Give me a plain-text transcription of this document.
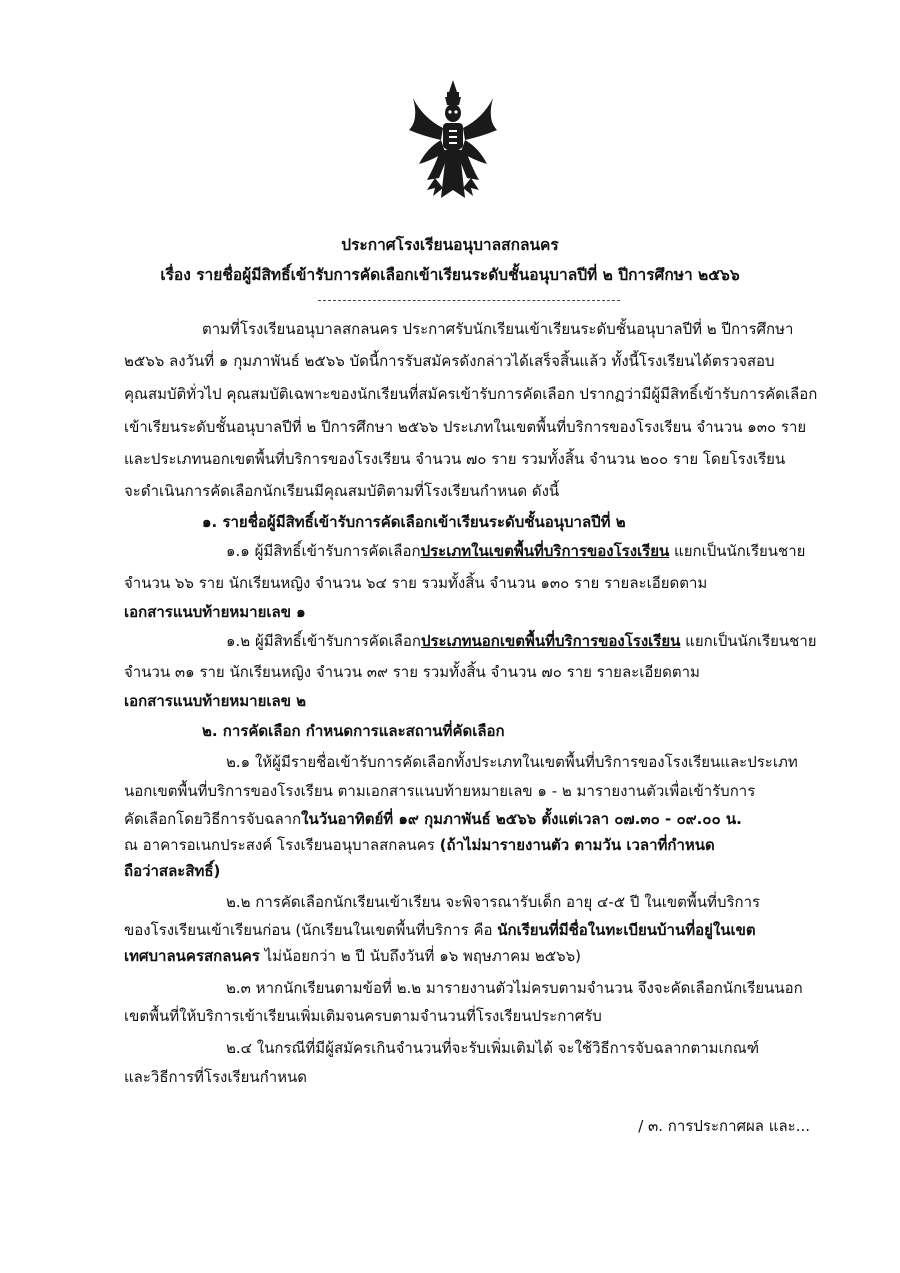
ประกาศโรงเรียนอนุบาลสกลนคร
เรื่อง รายชื่อผู้มีสิทธิ์เข้ารับการคัดเลือกเข้าเรียนระดับชั้นอนุบาลปีที่ ๒ ปีการศึกษา ๒๕๖๖
ตามที่โรงเรียนอนุบาลสกลนคร ประกาศรับนักเรียนเข้าเรียนระดับชั้นอนุบาลปีที่ ๒ ปีการศึกษา
๒๕๖๖ ลงวันที่ ๑ กุมภาพันธ์ ๒๕๖๖ บัดนี้การรับสมัครดังกล่าวได้เสร็จสิ้นแล้ว ทั้งนี้โรงเรียนได้ตรวจสอบ
คุณสมบัติทั่วไป คุณสมบัติเฉพาะของนักเรียนที่สมัครเข้ารับการคัดเลือก ปรากฏว่ามีผู้มีสิทธิ์เข้ารับการคัดเลือก
เข้าเรียนระดับชั้นอนุบาลปีที่ ๒ ปีการศึกษา ๒๕๖๖ ประเภทในเขตพื้นที่บริการของโรงเรียน จำนวน ๑๓๐ ราย
และประเภทนอกเขตพื้นที่บริการของโรงเรียน จำนวน ๗๐ ราย รวมทั้งสิ้น จำนวน ๒๐๐ ราย โดยโรงเรียน
จะดำเนินการคัดเลือกนักเรียนมีคุณสมบัติตามที่โรงเรียนกำหนด ดังนี้
๑. รายชื่อผู้มีสิทธิ์เข้ารับการคัดเลือกเข้าเรียนระดับชั้นอนุบาลปีที่ ๒
๑.๑ ผู้มีสิทธิ์เข้ารับการคัดเลือกประเภทในเขตพื้นที่บริการของโรงเรียน แยกเป็นนักเรียนชาย
จำนวน ๖๖ ราย นักเรียนหญิง จำนวน ๖๔ ราย รวมทั้งสิ้น จำนวน ๑๓๐ ราย รายละเอียดตาม
เอกสารแนบท้ายหมายเลข ๑
๑.๒ ผู้มีสิทธิ์เข้ารับการคัดเลือกประเภทนอกเขตพื้นที่บริการของโรงเรียน แยกเป็นนักเรียนชาย
จำนวน ๓๑ ราย นักเรียนหญิง จำนวน ๓๙ ราย รวมทั้งสิ้น จำนวน ๗๐ ราย รายละเอียดตาม
เอกสารแนบท้ายหมายเลข ๒
๒. การคัดเลือก กำหนดการและสถานที่คัดเลือก
๒.๑ ให้ผู้มีรายชื่อเข้ารับการคัดเลือกทั้งประเภทในเขตพื้นที่บริการของโรงเรียนและประเภท
นอกเขตพื้นที่บริการของโรงเรียน ตามเอกสารแนบท้ายหมายเลข ๑ - ๒ มารายงานตัวเพื่อเข้ารับการ
คัดเลือกโดยวิธีการจับฉลากในวันอาทิตย์ที่ ๑๙ กุมภาพันธ์ ๒๕๖๖ ตั้งแต่เวลา ๐๗.๓๐ - ๐๙.๐๐ น.
ณ อาคารอเนกประสงค์ โรงเรียนอนุบาลสกลนคร (ถ้าไม่มารายงานตัว ตามวัน เวลาที่กำหนด
ถือว่าสละสิทธิ์)
๒.๒ การคัดเลือกนักเรียนเข้าเรียน จะพิจารณารับเด็ก อายุ ๔-๕ ปี ในเขตพื้นที่บริการ
ของโรงเรียนเข้าเรียนก่อน (นักเรียนในเขตพื้นที่บริการ คือ นักเรียนที่มีชื่อในทะเบียนบ้านที่อยู่ในเขต
เทศบาลนครสกลนคร ไม่น้อยกว่า ๒ ปี นับถึงวันที่ ๑๖ พฤษภาคม ๒๕๖๖)
๒.๓ หากนักเรียนตามข้อที่ ๒.๒ มารายงานตัวไม่ครบตามจำนวน จึงจะคัดเลือกนักเรียนนอก
เขตพื้นที่ให้บริการเข้าเรียนเพิ่มเติมจนครบตามจำนวนที่โรงเรียนประกาศรับ
๒.๔ ในกรณีที่มีผู้สมัครเกินจำนวนที่จะรับเพิ่มเติมได้ จะใช้วิธีการจับฉลากตามเกณฑ์
และวิธีการที่โรงเรียนกำหนด
/ ๓. การประกาศผล และ...
